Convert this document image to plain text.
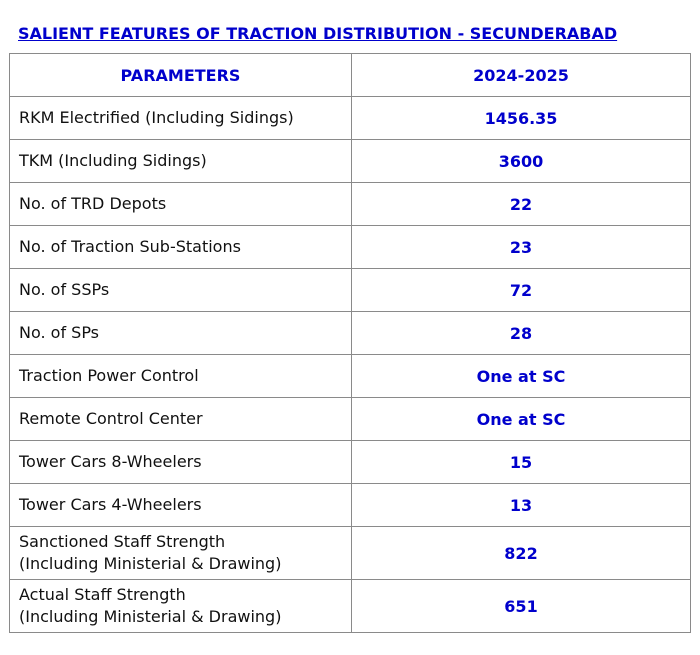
SALIENT FEATURES OF TRACTION DISTRIBUTION - SECUNDERABAD
PARAMETERS	2024-2025
RKM Electrified (Including Sidings)	1456.35
TKM (Including Sidings)	3600
No. of TRD Depots	22
No. of Traction Sub-Stations	23
No. of SSPs	72
No. of SPs	28
Traction Power Control	One at SC
Remote Control Center	One at SC
Tower Cars 8-Wheelers	15
Tower Cars 4-Wheelers	13
Sanctioned Staff Strength
(Including Ministerial & Drawing)	822
Actual Staff Strength
(Including Ministerial & Drawing)	651
